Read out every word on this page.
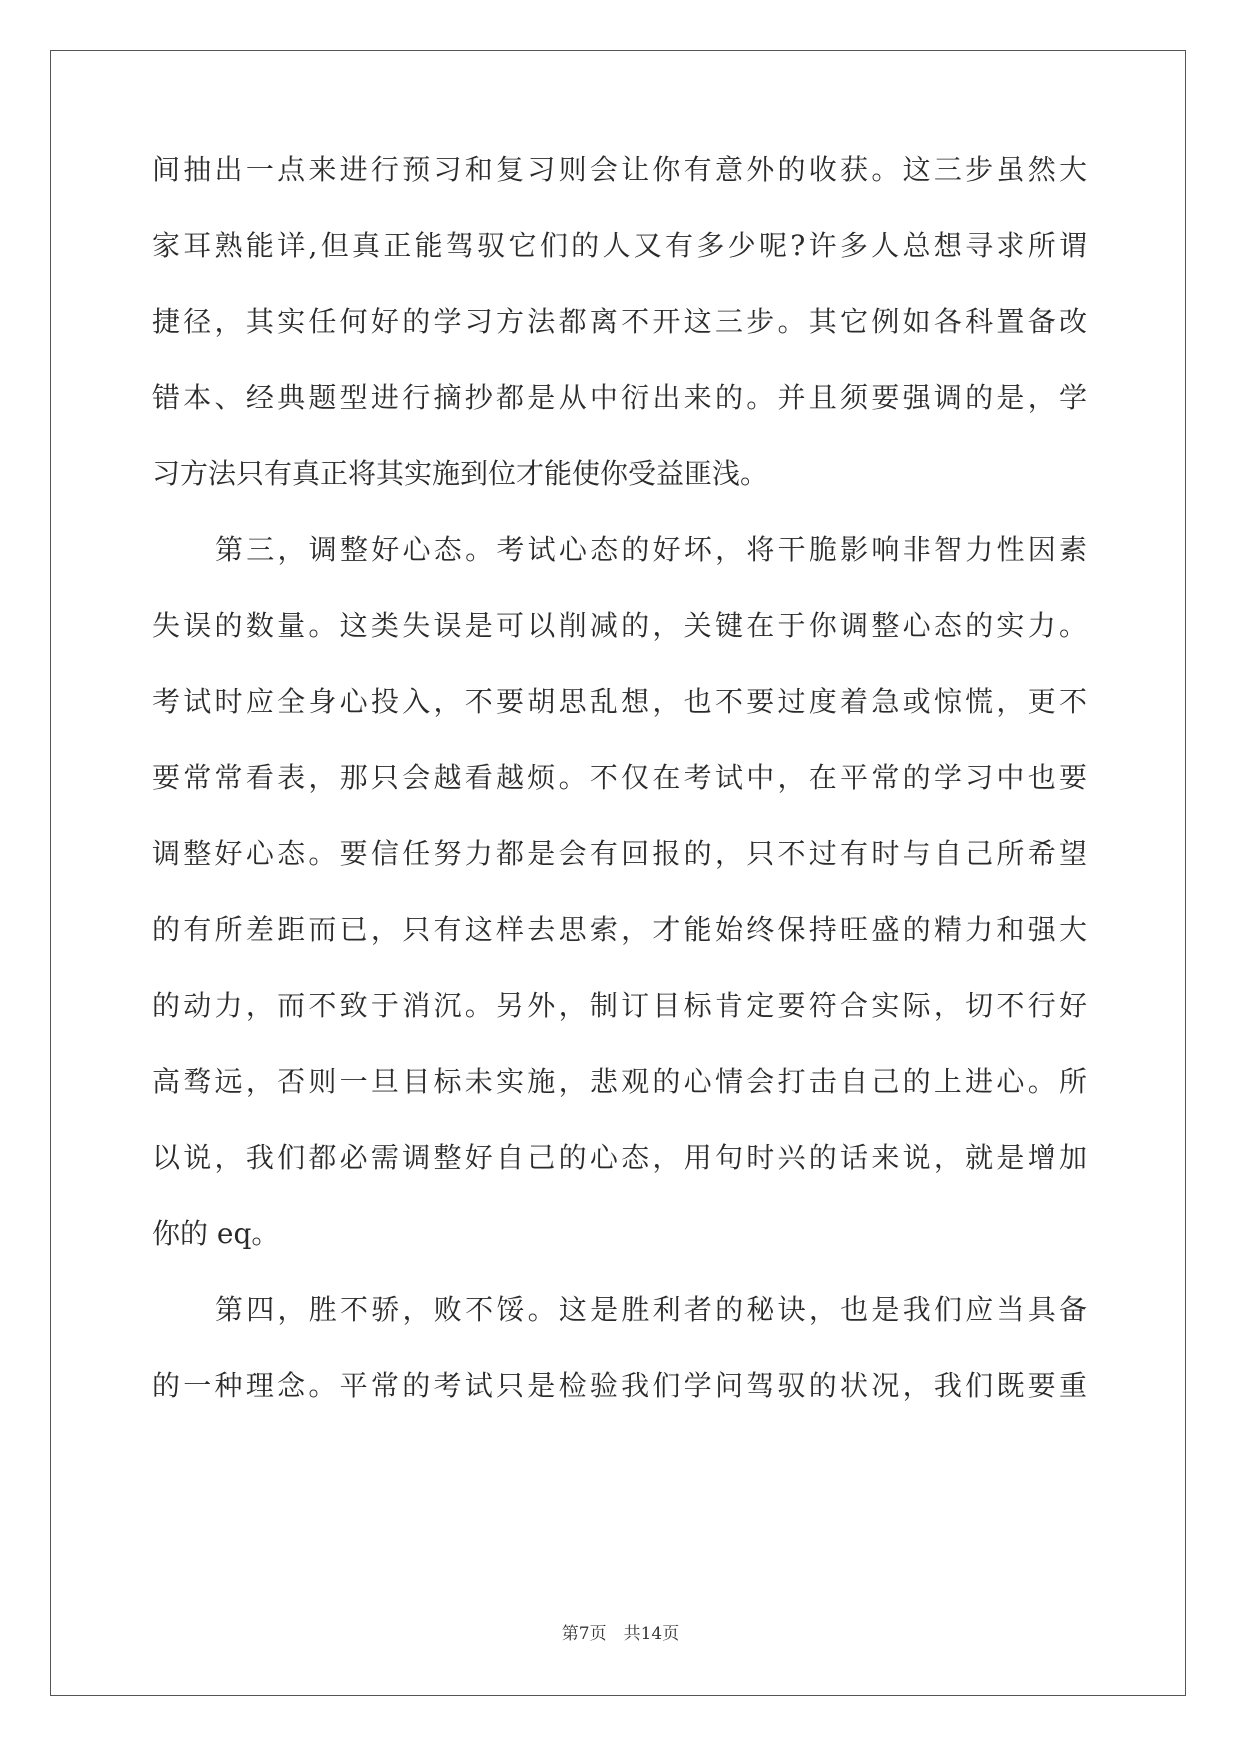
间抽出一点来进行预习和复习则会让你有意外的收获。这三步虽然大
家耳熟能详,但真正能驾驭它们的人又有多少呢?许多人总想寻求所谓
捷径，其实任何好的学习方法都离不开这三步。其它例如各科置备改
错本、经典题型进行摘抄都是从中衍出来的。并且须要强调的是，学
习方法只有真正将其实施到位才能使你受益匪浅。
第三，调整好心态。考试心态的好坏，将干脆影响非智力性因素
失误的数量。这类失误是可以削减的，关键在于你调整心态的实力。
考试时应全身心投入，不要胡思乱想，也不要过度着急或惊慌，更不
要常常看表，那只会越看越烦。不仅在考试中，在平常的学习中也要
调整好心态。要信任努力都是会有回报的，只不过有时与自己所希望
的有所差距而已，只有这样去思索，才能始终保持旺盛的精力和强大
的动力，而不致于消沉。另外，制订目标肯定要符合实际，切不行好
高骛远，否则一旦目标未实施，悲观的心情会打击自己的上进心。所
以说，我们都必需调整好自己的心态，用句时兴的话来说，就是增加
你的 eq。
第四，胜不骄，败不馁。这是胜利者的秘诀，也是我们应当具备
的一种理念。平常的考试只是检验我们学问驾驭的状况，我们既要重
第7页　共14页
